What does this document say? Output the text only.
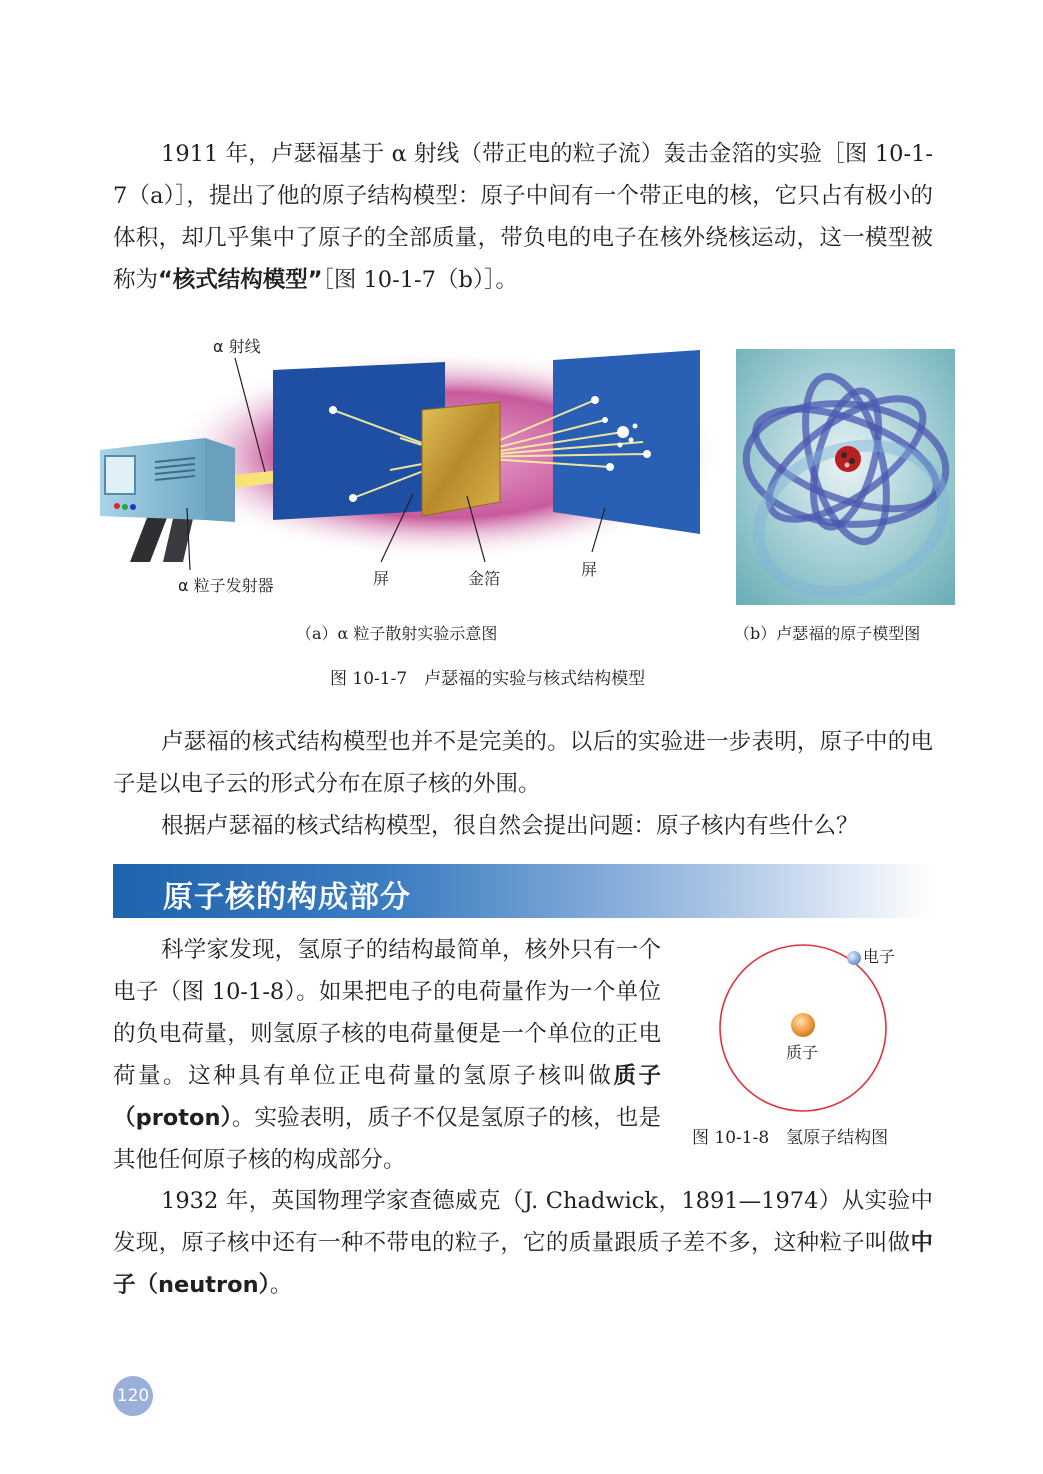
1911 年，卢瑟福基于 α 射线（带正电的粒子流）轰击金箔的实验［图 10-1-7（a）］，提出了他的原子结构模型：原子中间有一个带正电的核，它只占有极小的体积，却几乎集中了原子的全部质量，带负电的电子在核外绕核运动，这一模型被称为“核式结构模型”［图 10-1-7（b）］。

α 射线
α 粒子发射器	屏	金箔	屏
（a）α 粒子散射实验示意图	（b）卢瑟福的原子模型图
图 10-1-7　卢瑟福的实验与核式结构模型

卢瑟福的核式结构模型也并不是完美的。以后的实验进一步表明，原子中的电子是以电子云的形式分布在原子核的外围。

根据卢瑟福的核式结构模型，很自然会提出问题：原子核内有些什么？

原子核的构成部分

科学家发现，氢原子的结构最简单，核外只有一个电子（图 10-1-8）。如果把电子的电荷量作为一个单位的负电荷量，则氢原子核的电荷量便是一个单位的正电荷量。这种具有单位正电荷量的氢原子核叫做质子（proton）。实验表明，质子不仅是氢原子的核，也是其他任何原子核的构成部分。

电子
质子
图 10-1-8　氢原子结构图

1932 年，英国物理学家查德威克（J. Chadwick，1891—1974）从实验中发现，原子核中还有一种不带电的粒子，它的质量跟质子差不多，这种粒子叫做中子（neutron）。

120
